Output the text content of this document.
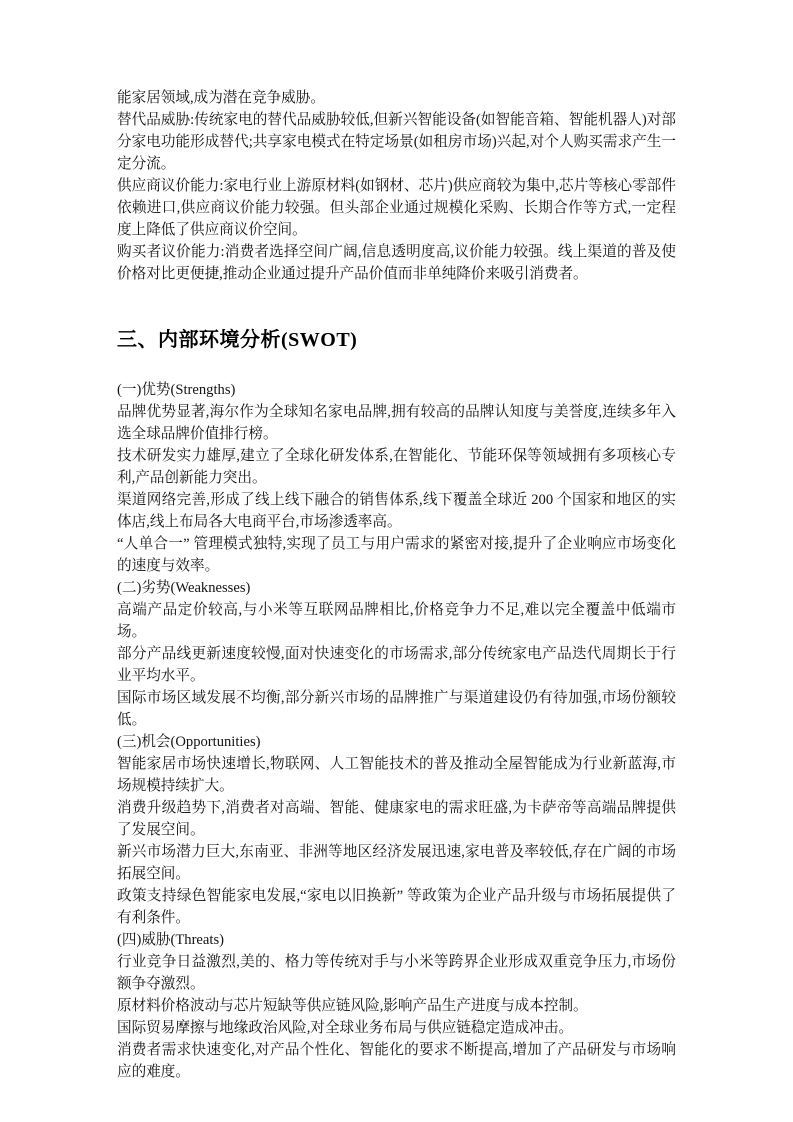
能家居领域,成为潜在竞争威胁。

替代品威胁:传统家电的替代品威胁较低,但新兴智能设备(如智能音箱、智能机器人)对部分家电功能形成替代;共享家电模式在特定场景(如租房市场)兴起,对个人购买需求产生一定分流。

供应商议价能力:家电行业上游原材料(如钢材、芯片)供应商较为集中,芯片等核心零部件依赖进口,供应商议价能力较强。但头部企业通过规模化采购、长期合作等方式,一定程度上降低了供应商议价空间。

购买者议价能力:消费者选择空间广阔,信息透明度高,议价能力较强。线上渠道的普及使价格对比更便捷,推动企业通过提升产品价值而非单纯降价来吸引消费者。

三、内部环境分析(SWOT)

(一)优势(Strengths)

品牌优势显著,海尔作为全球知名家电品牌,拥有较高的品牌认知度与美誉度,连续多年入选全球品牌价值排行榜。

技术研发实力雄厚,建立了全球化研发体系,在智能化、节能环保等领域拥有多项核心专利,产品创新能力突出。

渠道网络完善,形成了线上线下融合的销售体系,线下覆盖全球近 200 个国家和地区的实体店,线上布局各大电商平台,市场渗透率高。

“人单合一” 管理模式独特,实现了员工与用户需求的紧密对接,提升了企业响应市场变化的速度与效率。

(二)劣势(Weaknesses)

高端产品定价较高,与小米等互联网品牌相比,价格竞争力不足,难以完全覆盖中低端市场。

部分产品线更新速度较慢,面对快速变化的市场需求,部分传统家电产品迭代周期长于行业平均水平。

国际市场区域发展不均衡,部分新兴市场的品牌推广与渠道建设仍有待加强,市场份额较低。

(三)机会(Opportunities)

智能家居市场快速增长,物联网、人工智能技术的普及推动全屋智能成为行业新蓝海,市场规模持续扩大。

消费升级趋势下,消费者对高端、智能、健康家电的需求旺盛,为卡萨帝等高端品牌提供了发展空间。

新兴市场潜力巨大,东南亚、非洲等地区经济发展迅速,家电普及率较低,存在广阔的市场拓展空间。

政策支持绿色智能家电发展,“家电以旧换新” 等政策为企业产品升级与市场拓展提供了有利条件。

(四)威胁(Threats)

行业竞争日益激烈,美的、格力等传统对手与小米等跨界企业形成双重竞争压力,市场份额争夺激烈。

原材料价格波动与芯片短缺等供应链风险,影响产品生产进度与成本控制。

国际贸易摩擦与地缘政治风险,对全球业务布局与供应链稳定造成冲击。

消费者需求快速变化,对产品个性化、智能化的要求不断提高,增加了产品研发与市场响应的难度。
